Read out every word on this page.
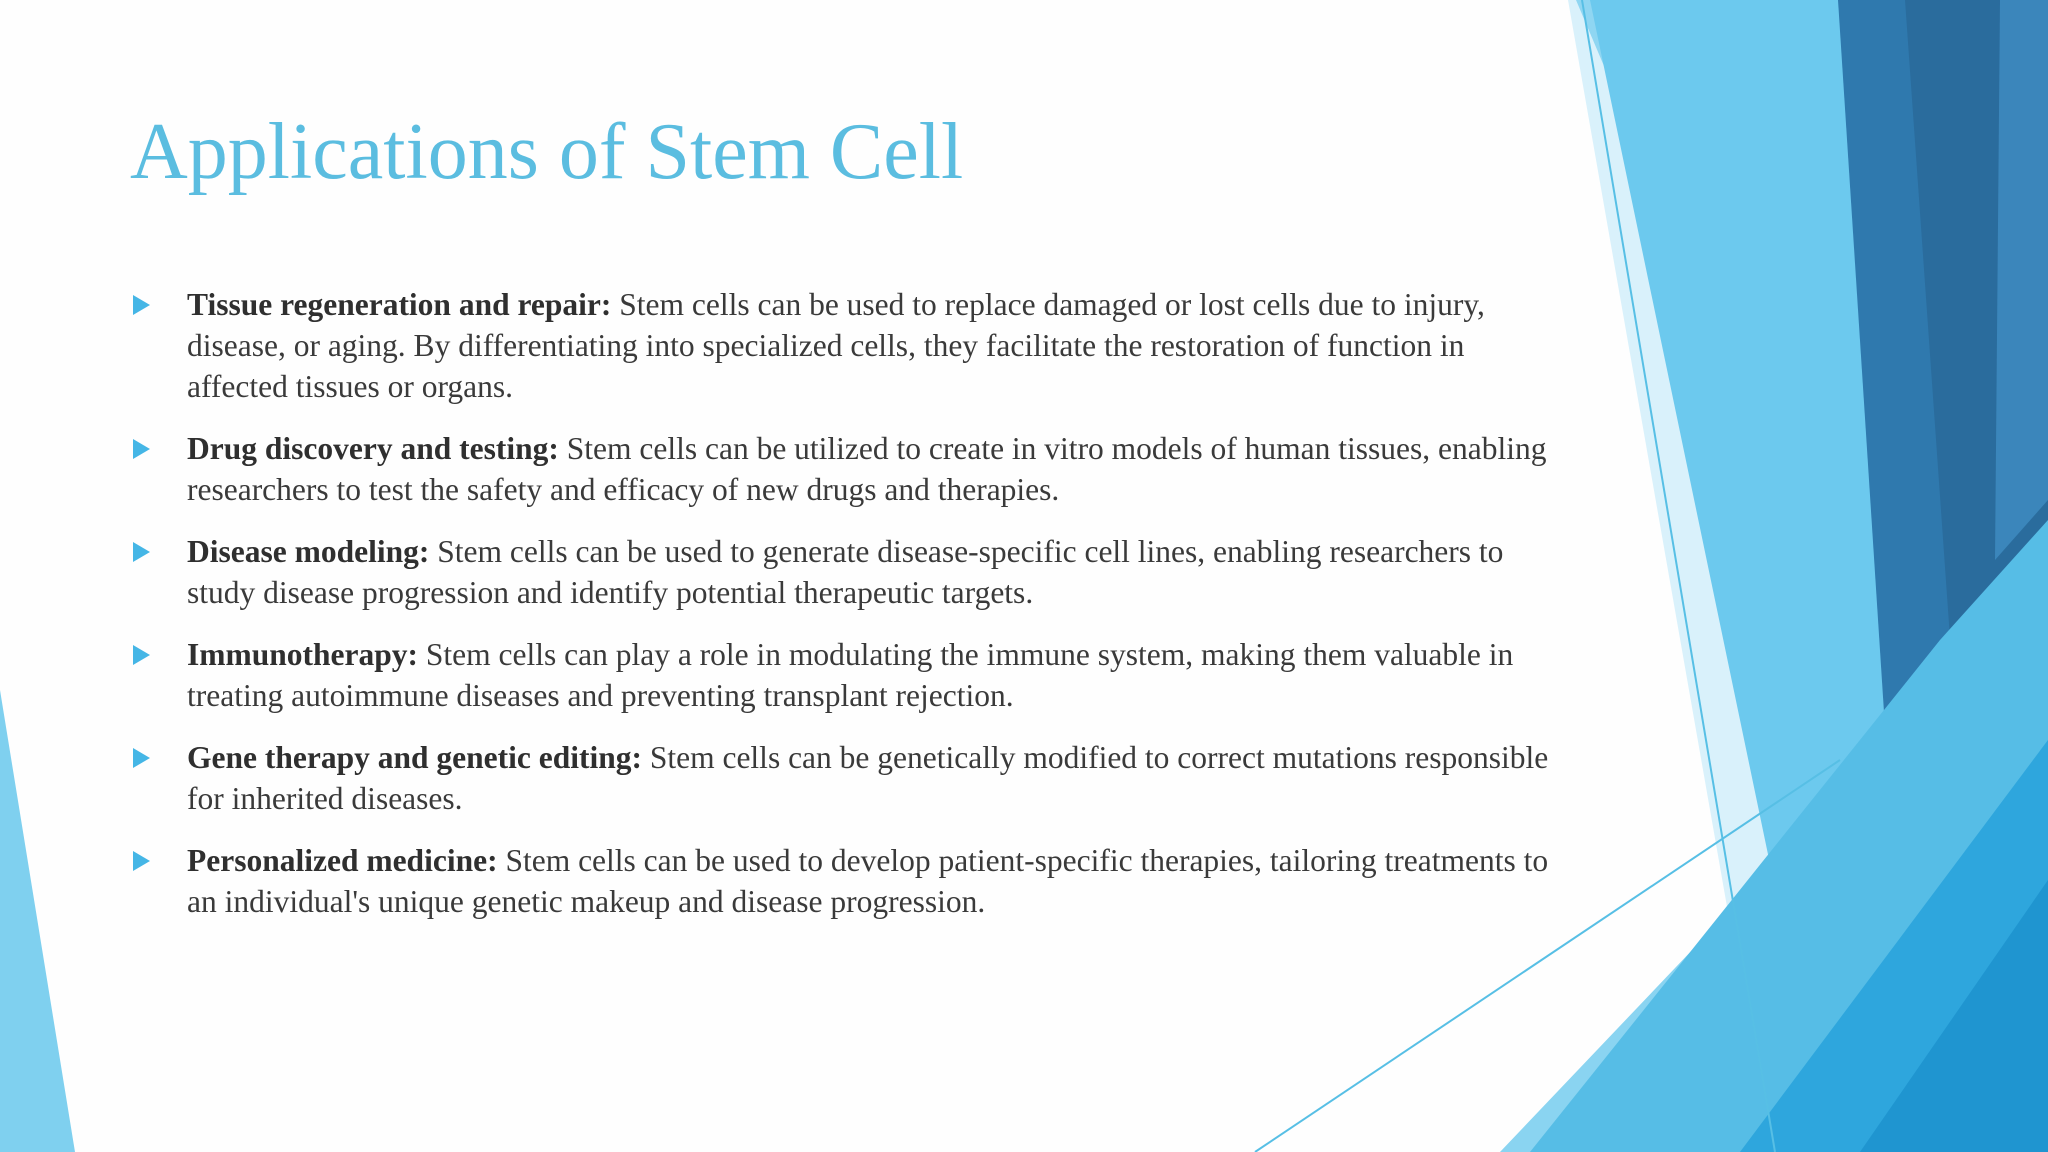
Applications of Stem Cell
Tissue regeneration and repair: Stem cells can be used to replace damaged or lost cells due to injury, disease, or aging. By differentiating into specialized cells, they facilitate the restoration of function in affected tissues or organs.
Drug discovery and testing: Stem cells can be utilized to create in vitro models of human tissues, enabling researchers to test the safety and efficacy of new drugs and therapies.
Disease modeling: Stem cells can be used to generate disease-specific cell lines, enabling researchers to study disease progression and identify potential therapeutic targets.
Immunotherapy: Stem cells can play a role in modulating the immune system, making them valuable in treating autoimmune diseases and preventing transplant rejection.
Gene therapy and genetic editing: Stem cells can be genetically modified to correct mutations responsible for inherited diseases.
Personalized medicine: Stem cells can be used to develop patient-specific therapies, tailoring treatments to an individual's unique genetic makeup and disease progression.
